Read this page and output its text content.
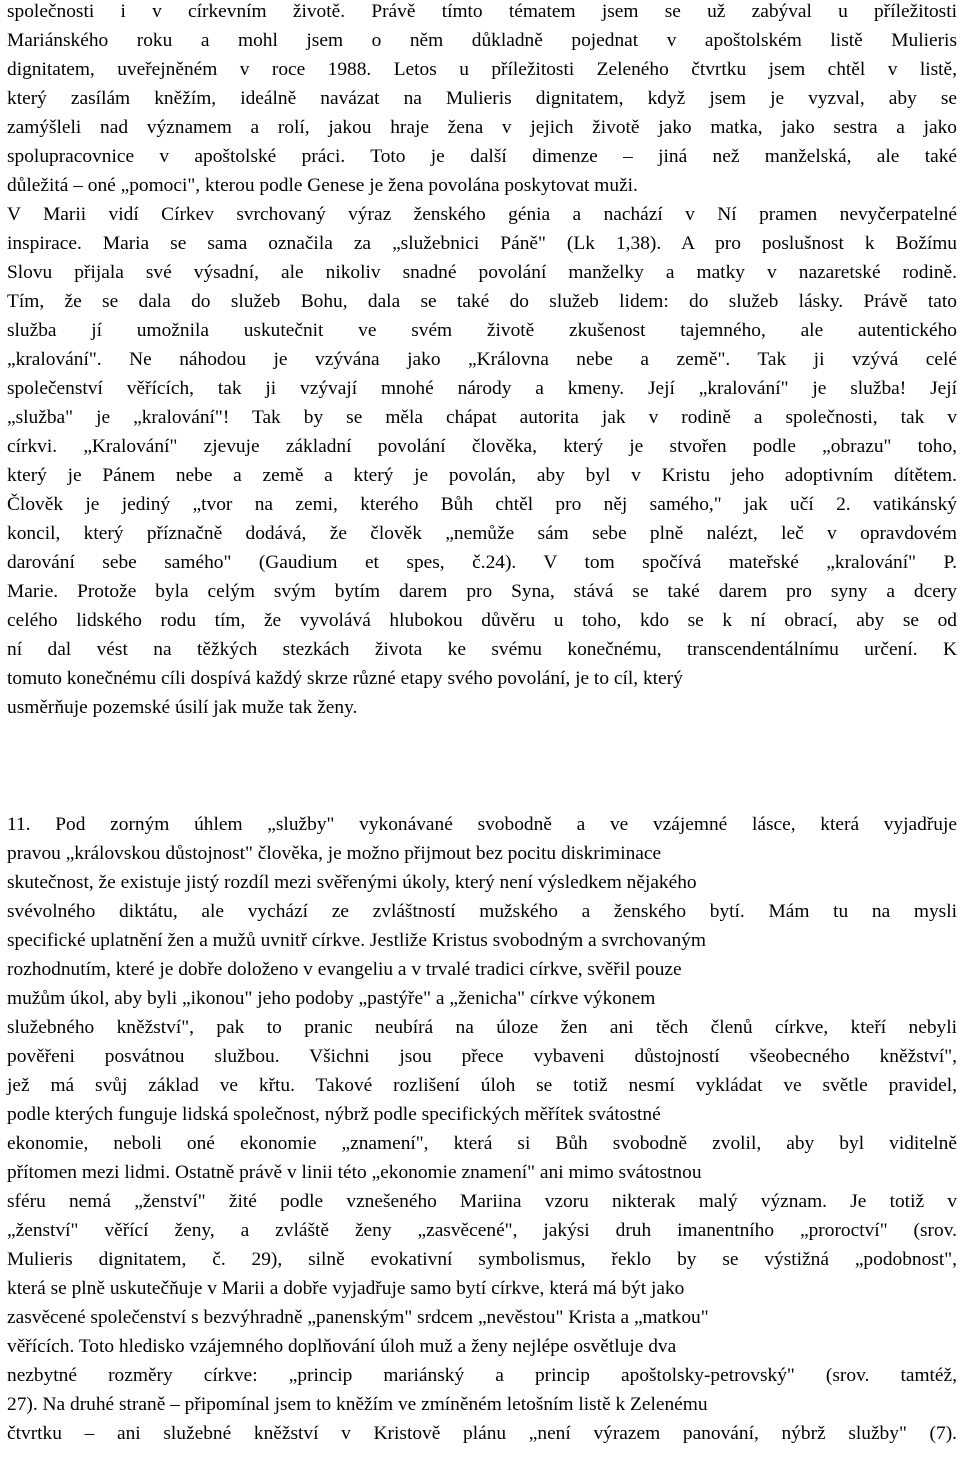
společnosti i v církevním životě. Právě tímto tématem jsem se už zabýval u příležitosti
Mariánského roku a mohl jsem o něm důkladně pojednat v apoštolském listě Mulieris
dignitatem, uveřejněném v roce 1988. Letos u příležitosti Zeleného čtvrtku jsem chtěl v listě,
který zasílám kněžím, ideálně navázat na Mulieris dignitatem, když jsem je vyzval, aby se
zamýšleli nad významem a rolí, jakou hraje žena v jejich životě jako matka, jako sestra a jako
spolupracovnice v apoštolské práci. Toto je další dimenze – jiná než manželská, ale také
důležitá – oné „pomoci", kterou podle Genese je žena povolána poskytovat muži.
V Marii vidí Církev svrchovaný výraz ženského génia a nachází v Ní pramen nevyčerpatelné
inspirace. Maria se sama označila za „služebnici Páně" (Lk 1,38). A pro poslušnost k Božímu
Slovu přijala své výsadní, ale nikoliv snadné povolání manželky a matky v nazaretské rodině.
Tím, že se dala do služeb Bohu, dala se také do služeb lidem: do služeb lásky. Právě tato
služba jí umožnila uskutečnit ve svém životě zkušenost tajemného, ale autentického
„kralování". Ne náhodou je vzývána jako „Královna nebe a země". Tak ji vzývá celé
společenství věřících, tak ji vzývají mnohé národy a kmeny. Její „kralování" je služba! Její
„služba" je „kralování"! Tak by se měla chápat autorita jak v rodině a společnosti, tak v
církvi. „Kralování" zjevuje základní povolání člověka, který je stvořen podle „obrazu" toho,
který je Pánem nebe a země a který je povolán, aby byl v Kristu jeho adoptivním dítětem.
Člověk je jediný „tvor na zemi, kterého Bůh chtěl pro něj samého," jak učí 2. vatikánský
koncil, který příznačně dodává, že člověk „nemůže sám sebe plně nalézt, leč v opravdovém
darování sebe samého" (Gaudium et spes, č.24). V tom spočívá mateřské „kralování" P.
Marie. Protože byla celým svým bytím darem pro Syna, stává se také darem pro syny a dcery
celého lidského rodu tím, že vyvolává hlubokou důvěru u toho, kdo se k ní obrací, aby se od
ní dal vést na těžkých stezkách života ke svému konečnému, transcendentálnímu určení. K
tomuto konečnému cíli dospívá každý skrze různé etapy svého povolání, je to cíl, který
usměrňuje pozemské úsilí jak muže tak ženy.
11. Pod zorným úhlem „služby" vykonávané svobodně a ve vzájemné lásce, která vyjadřuje
pravou „královskou důstojnost" člověka, je možno přijmout bez pocitu diskriminace
skutečnost, že existuje jistý rozdíl mezi svěřenými úkoly, který není výsledkem nějakého
svévolného diktátu, ale vychází ze zvláštností mužského a ženského bytí. Mám tu na mysli
specifické uplatnění žen a mužů uvnitř církve. Jestliže Kristus svobodným a svrchovaným
rozhodnutím, které je dobře doloženo v evangeliu a v trvalé tradici církve, svěřil pouze
mužům úkol, aby byli „ikonou" jeho podoby „pastýře" a „ženicha" církve výkonem
služebného kněžství", pak to pranic neubírá na úloze žen ani těch členů církve, kteří nebyli
pověřeni posvátnou službou. Všichni jsou přece vybaveni důstojností všeobecného kněžství",
jež má svůj základ ve křtu. Takové rozlišení úloh se totiž nesmí vykládat ve světle pravidel,
podle kterých funguje lidská společnost, nýbrž podle specifických měřítek svátostné
ekonomie, neboli oné ekonomie „znamení", která si Bůh svobodně zvolil, aby byl viditelně
přítomen mezi lidmi. Ostatně právě v linii této „ekonomie znamení" ani mimo svátostnou
sféru nemá „ženství" žité podle vznešeného Mariina vzoru nikterak malý význam. Je totiž v
„ženství" věřící ženy, a zvláště ženy „zasvěcené", jakýsi druh imanentního „proroctví" (srov.
Mulieris dignitatem, č. 29), silně evokativní symbolismus, řeklo by se výstižná „podobnost",
která se plně uskutečňuje v Marii a dobře vyjadřuje samo bytí církve, která má být jako
zasvěcené společenství s bezvýhradně „panenským" srdcem „nevěstou" Krista a „matkou"
věřících. Toto hledisko vzájemného doplňování úloh muž a ženy nejlépe osvětluje dva
nezbytné rozměry církve: „princip mariánský a princip apoštolsky-petrovský" (srov. tamtéž,
27). Na druhé straně – připomínal jsem to kněžím ve zmíněném letošním listě k Zelenému
čtvrtku – ani služebné kněžství v Kristově plánu „není výrazem panování, nýbrž služby" (7).
